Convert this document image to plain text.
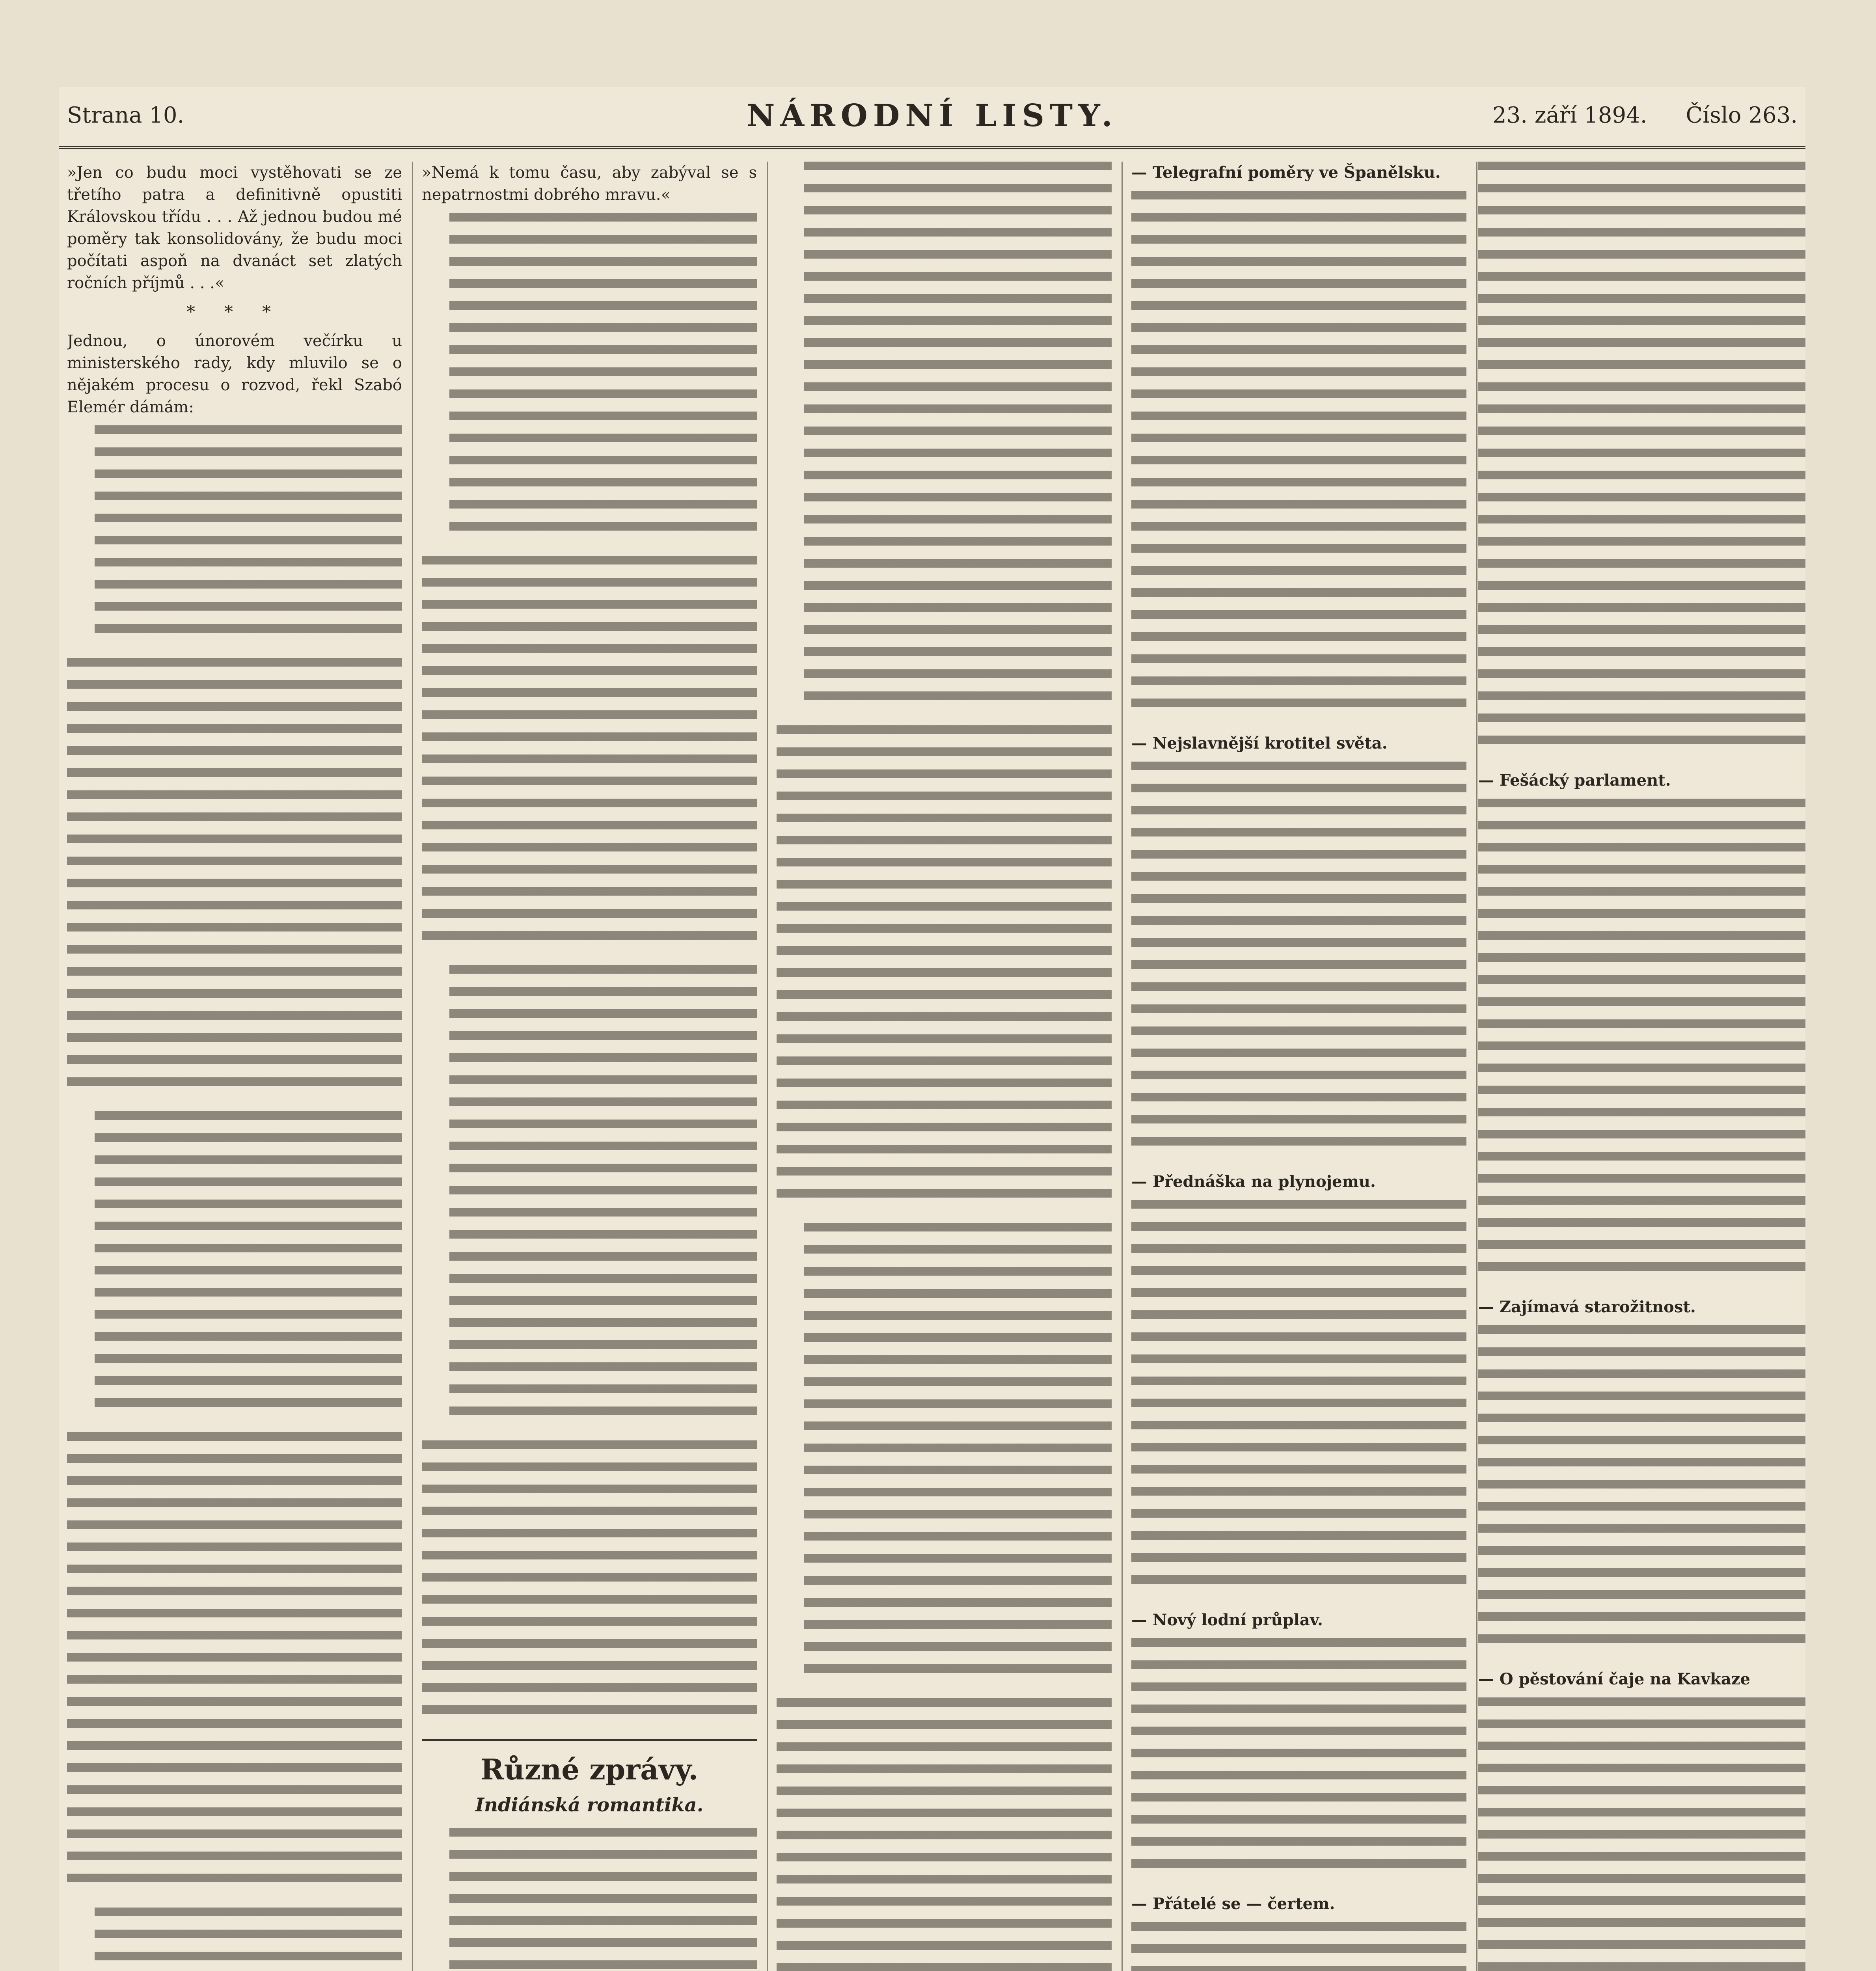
Strana 10.	NÁRODNÍ LISTY.	23. září 1894. Číslo 263.

»Jen co budu moci vystěhovati se ze třetího patra a definitivně opustiti Královskou třídu . . . Až jednou budou mé poměry tak konsolidovány, že budu moci počítati aspoň na dvanáct set zlatých ročních příjmů . . .«

* * *

Jednou, o únorovém večírku u ministerského rady, kdy mluvilo se o nějakém procesu o rozvod, řekl Szabó Elemér dámám:

»Nemá k tomu času, aby zabýval se s nepatrnostmi dobrého mravu.«

Různé zprávy.
Indiánská romantika.

— Telegrafní poměry ve Španělsku.

— Nejslavnější krotitel světa.

— Přednáška na plynojemu.

— Nový lodní průplav.

— Přátelé se — čertem.

— Fešácký parlament.

— Zajímavá starožitnost.

— O pěstování čaje na Kavkaze
